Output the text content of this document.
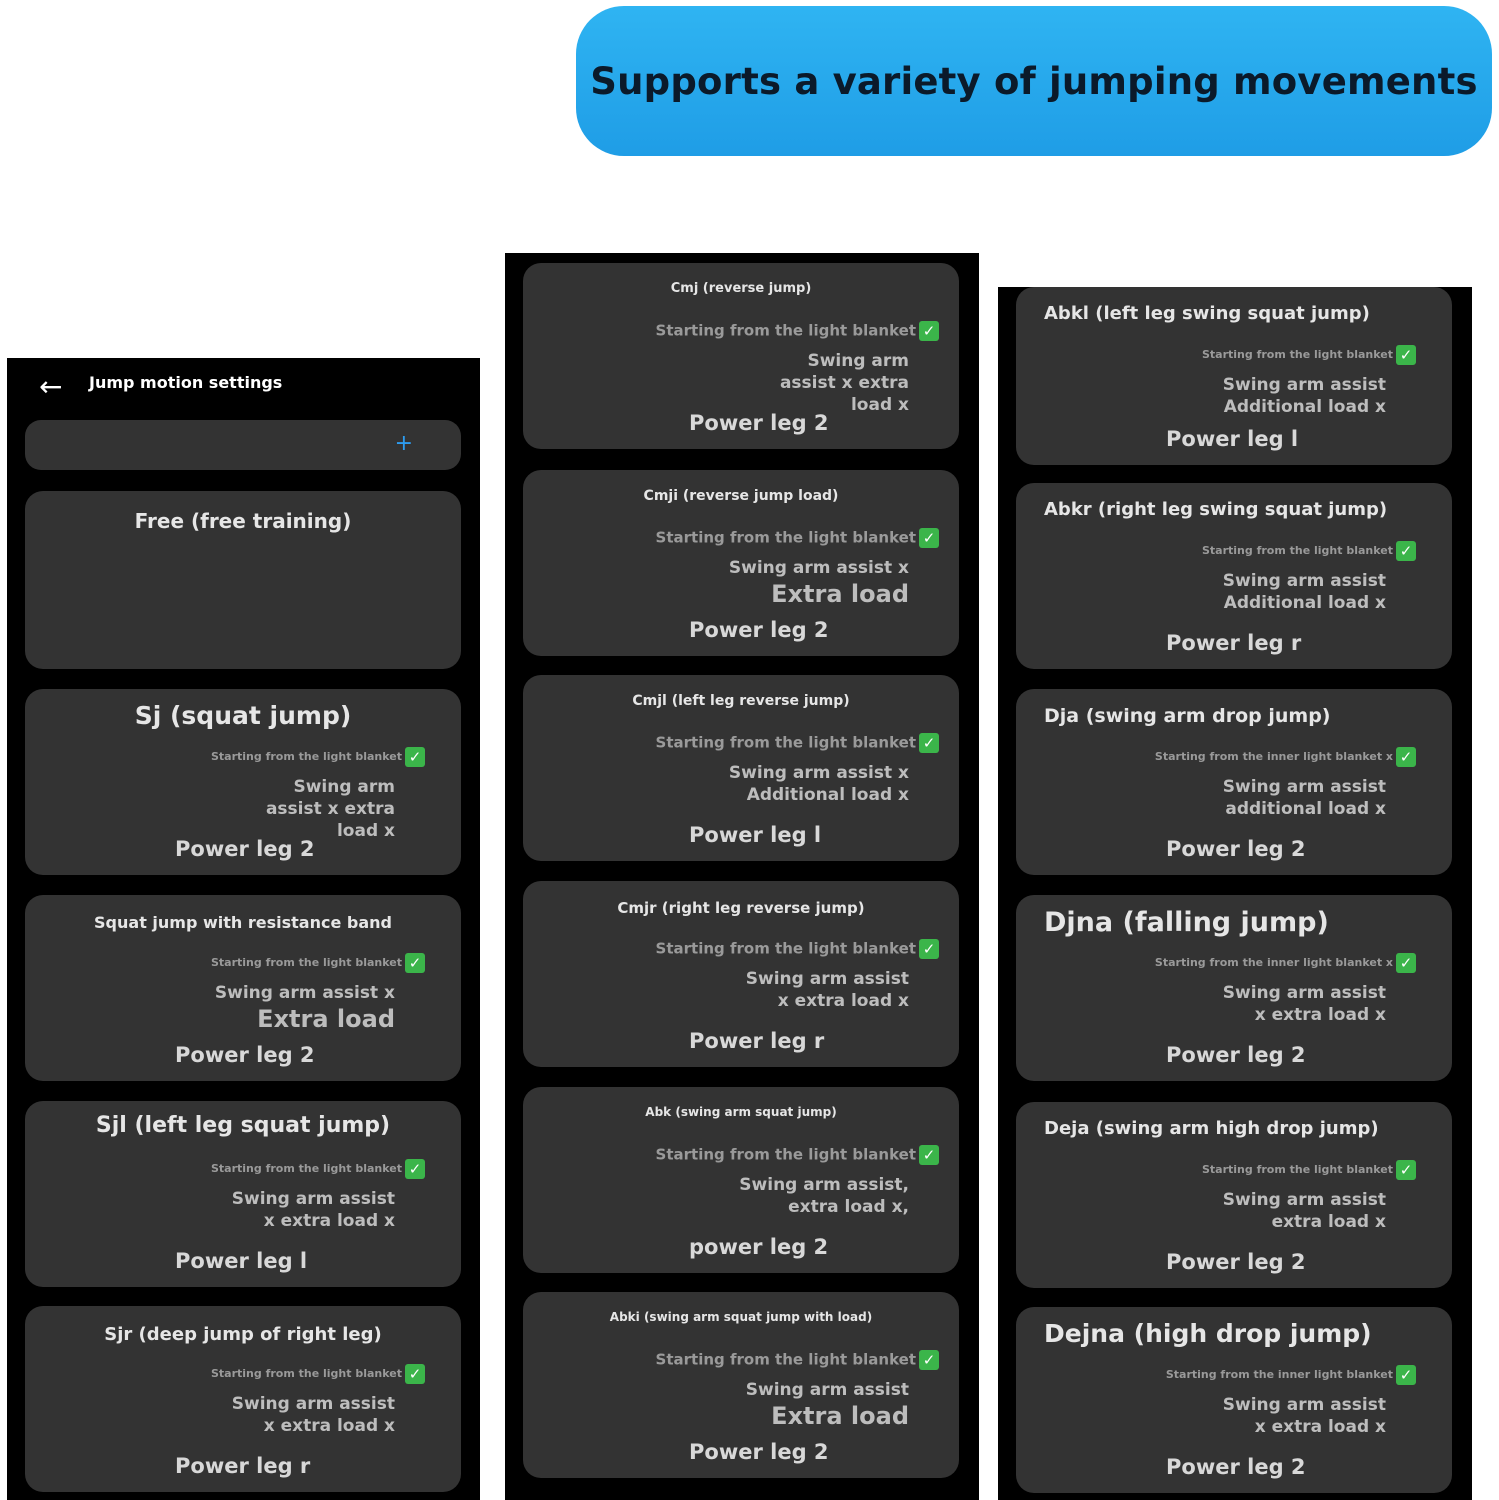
Supports a variety of jumping movements
← Jump motion settings
+
Free (free training)
Sj (squat jump)
Starting from the light blanket ✓
Swing arm
assist x extra
load x
Power leg 2
Squat jump with resistance band
Starting from the light blanket ✓
Swing arm assist x
Extra load
Power leg 2
Sjl (left leg squat jump)
Starting from the light blanket ✓
Swing arm assist
x extra load x
Power leg l
Sjr (deep jump of right leg)
Starting from the light blanket ✓
Swing arm assist
x extra load x
Power leg r
Cmj (reverse jump)
Starting from the light blanket ✓
Swing arm
assist x extra
load x
Power leg 2
Cmji (reverse jump load)
Starting from the light blanket ✓
Swing arm assist x
Extra load
Power leg 2
Cmjl (left leg reverse jump)
Starting from the light blanket ✓
Swing arm assist x
Additional load x
Power leg l
Cmjr (right leg reverse jump)
Starting from the light blanket ✓
Swing arm assist
x extra load x
Power leg r
Abk (swing arm squat jump)
Starting from the light blanket ✓
Swing arm assist,
extra load x,
power leg 2
Abki (swing arm squat jump with load)
Starting from the light blanket ✓
Swing arm assist
Extra load
Power leg 2
Abkl (left leg swing squat jump)
Starting from the light blanket ✓
Swing arm assist
Additional load x
Power leg l
Abkr (right leg swing squat jump)
Starting from the light blanket ✓
Swing arm assist
Additional load x
Power leg r
Dja (swing arm drop jump)
Starting from the inner light blanket x ✓
Swing arm assist
additional load x
Power leg 2
Djna (falling jump)
Starting from the inner light blanket x ✓
Swing arm assist
x extra load x
Power leg 2
Deja (swing arm high drop jump)
Starting from the light blanket ✓
Swing arm assist
extra load x
Power leg 2
Dejna (high drop jump)
Starting from the inner light blanket ✓
Swing arm assist
x extra load x
Power leg 2
